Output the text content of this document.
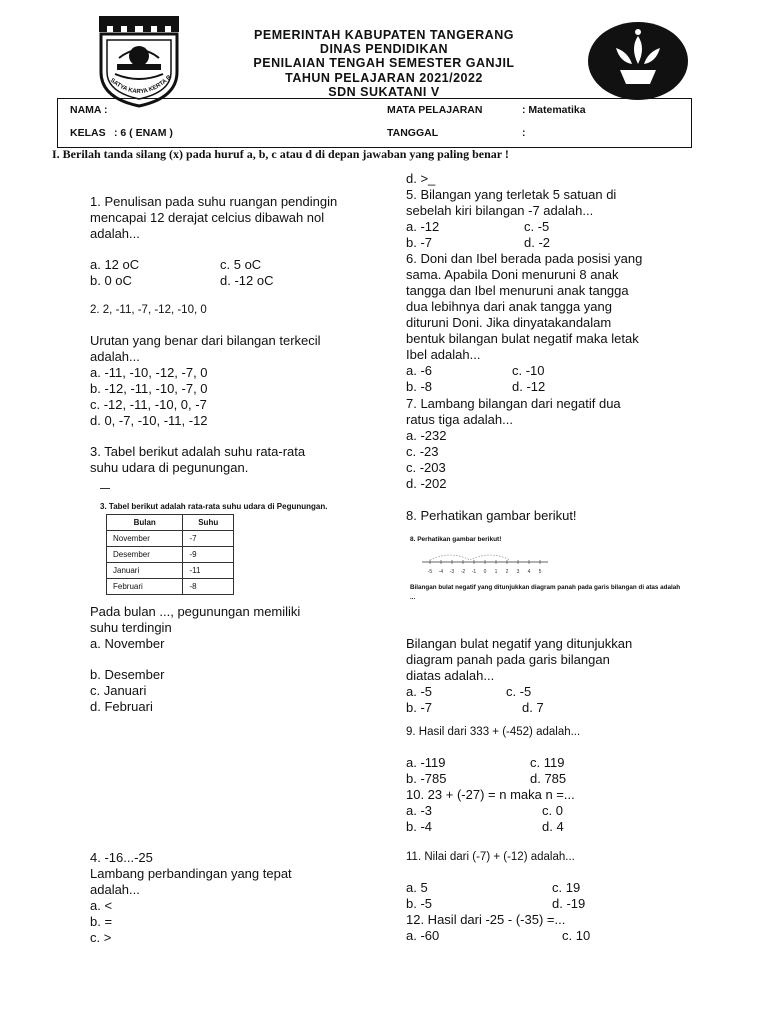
SATYA KARYA KERTA R
PEMERINTAH KABUPATEN TANGERANG
DINAS PENDIDIKAN
PENILAIAN TENGAH SEMESTER GANJIL
TAHUN PELAJARAN 2021/2022
SDN SUKATANI V
NAMA :
KELAS : 6 ( ENAM )
MATA PELAJARAN	: Matematika
TANGGAL	:
I. Berilah tanda silang (x) pada huruf a, b, c atau d di depan jawaban yang paling benar !
1. Penulisan pada suhu ruangan pendingin
mencapai 12 derajat celcius dibawah nol
adalah...
a. 12 oC	c. 5 oC
b. 0 oC	d. -12 oC
2. 2, -11, -7, -12, -10, 0
Urutan yang benar dari bilangan terkecil
adalah...
a. -11, -10, -12, -7, 0
b. -12, -11, -10, -7, 0
c. -12, -11, -10, 0, -7
d. 0, -7, -10, -11, -12
3. Tabel berikut adalah suhu rata-rata
suhu udara di pegunungan.
3. Tabel berikut adalah rata-rata suhu udara di Pegunungan.
Bulan	Suhu
November	-7
Desember	-9
Januari	-11
Februari	-8
Pada bulan ..., pegunungan memiliki
suhu terdingin
a. November
b. Desember
c. Januari
d. Februari
4. -16...-25
Lambang perbandingan yang tepat
adalah...
a. <
b. =
c. >
d. >_
5. Bilangan yang terletak 5 satuan di
sebelah kiri bilangan -7 adalah...
a. -12	c. -5
b. -7	d. -2
6. Doni dan Ibel berada pada posisi yang
sama. Apabila Doni menuruni 8 anak
tangga dan Ibel menuruni anak tangga
dua lebihnya dari anak tangga yang
dituruni Doni. Jika dinyatakandalam
bentuk bilangan bulat negatif maka letak
Ibel adalah...
a. -6	c. -10
b. -8	d. -12
7. Lambang bilangan dari negatif dua
ratus tiga adalah...
a. -232
c. -23
c. -203
d. -202
8. Perhatikan gambar berikut!
8. Perhatikan gambar berikut!
-5 -4 -3 -2 -1 0 1 2 3 4 5
Bilangan bulat negatif yang ditunjukkan diagram panah pada garis bilangan di atas adalah
...
Bilangan bulat negatif yang ditunjukkan
diagram panah pada garis bilangan
diatas adalah...
a. -5	c. -5
b. -7	d. 7
9. Hasil dari 333 + (-452) adalah...
a. -119	c. 119
b. -785	d. 785
10. 23 + (-27) = n maka n =...
a. -3	c. 0
b. -4	d. 4
11. Nilai dari (-7) + (-12) adalah...
a. 5	c. 19
b. -5	d. -19
12. Hasil dari -25 - (-35) =...
a. -60	c. 10
